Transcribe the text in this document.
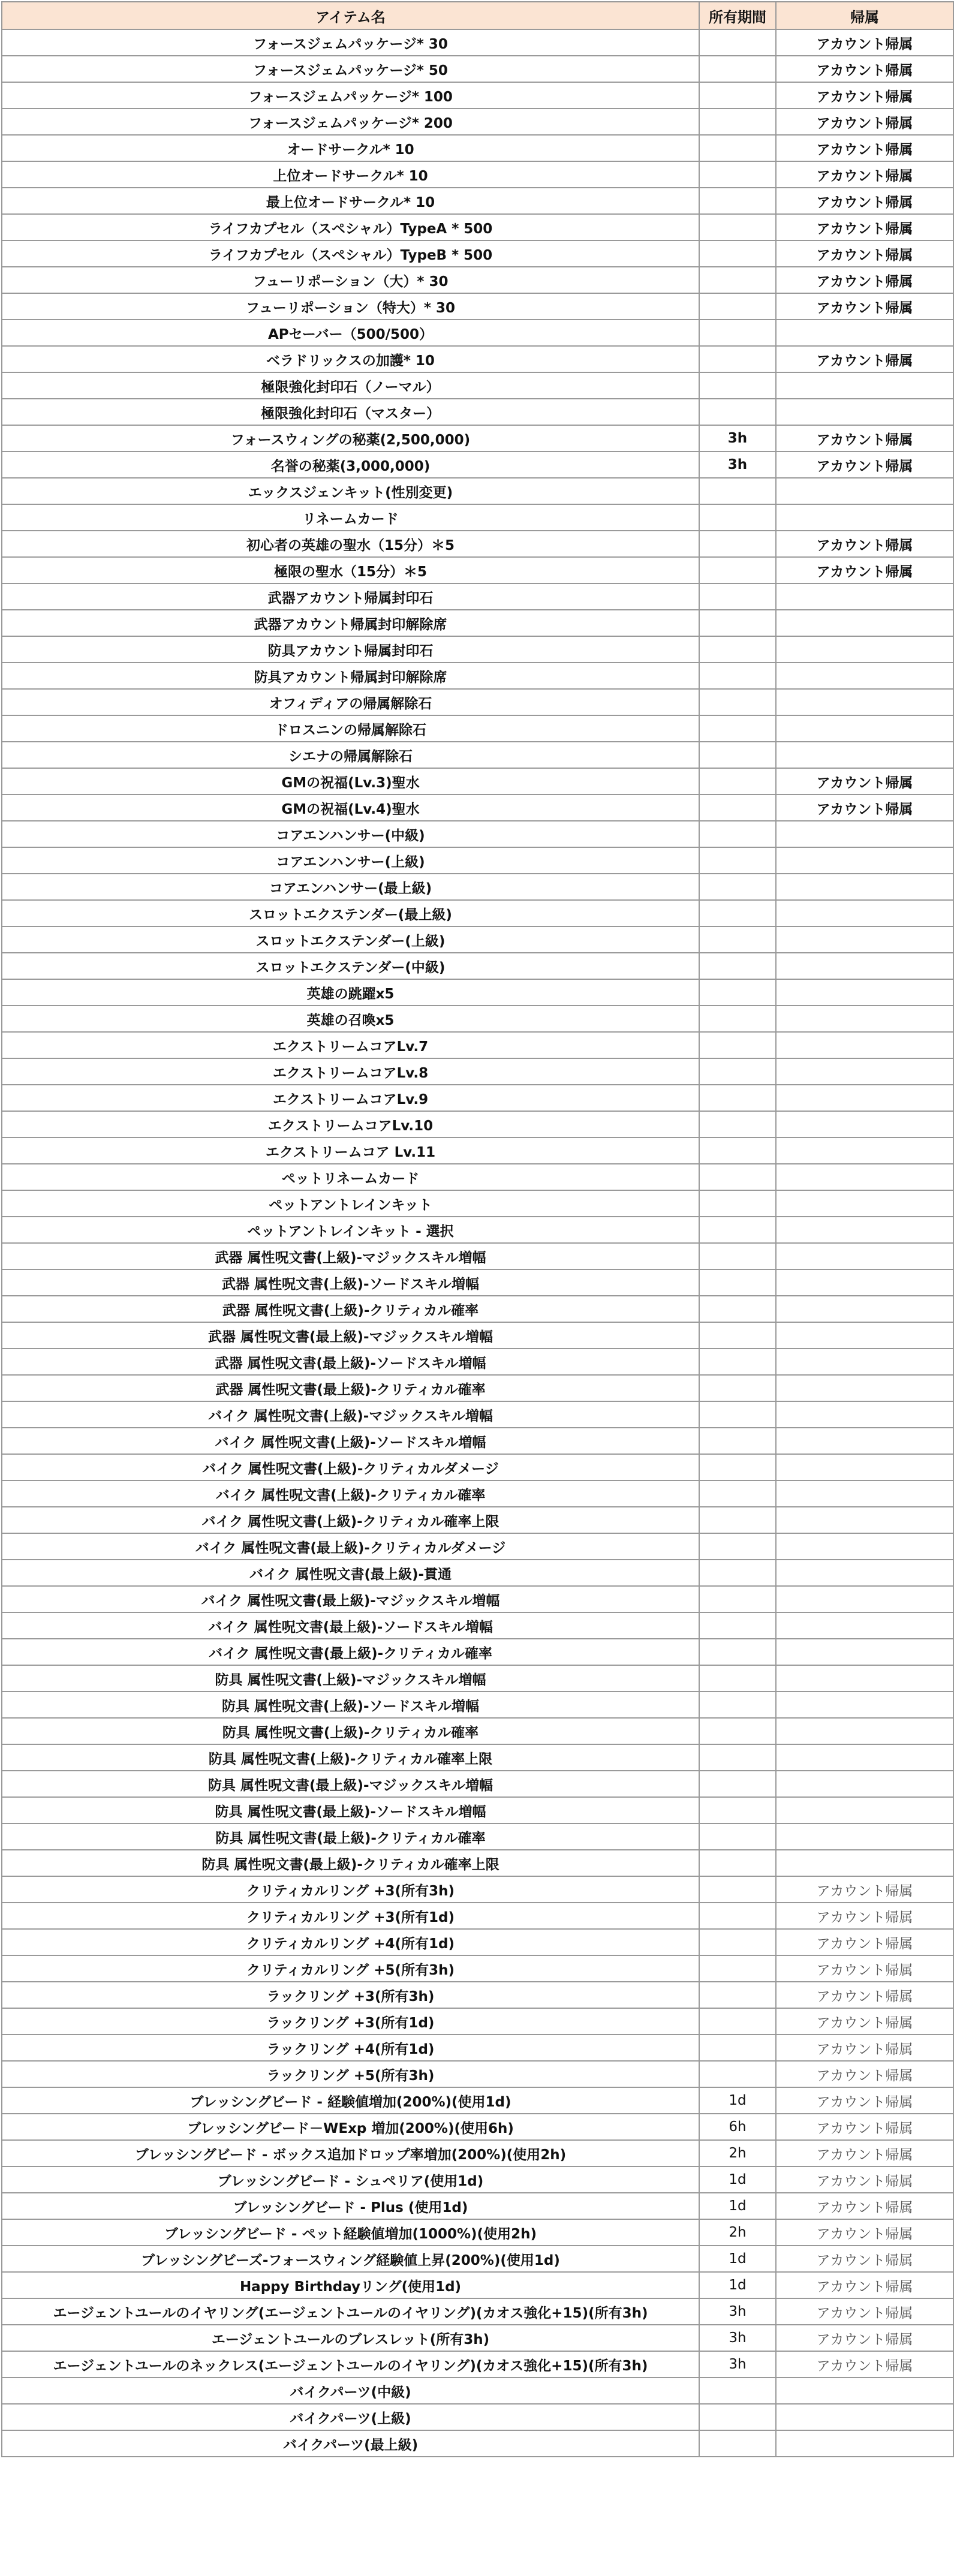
アイテム名	所有期間	帰属
フォースジェムパッケージ* 30		アカウント帰属
フォースジェムパッケージ* 50		アカウント帰属
フォースジェムパッケージ* 100		アカウント帰属
フォースジェムパッケージ* 200		アカウント帰属
オードサークル* 10		アカウント帰属
上位オードサークル* 10		アカウント帰属
最上位オードサークル* 10		アカウント帰属
ライフカプセル（スペシャル）TypeA * 500		アカウント帰属
ライフカプセル（スペシャル）TypeB * 500		アカウント帰属
フューリポーション（大）* 30		アカウント帰属
フューリポーション（特大）* 30		アカウント帰属
APセーバー（500/500）		
ベラドリックスの加護* 10		アカウント帰属
極限強化封印石（ノーマル）		
極限強化封印石（マスター）		
フォースウィングの秘薬(2,500,000)	3h	アカウント帰属
名誉の秘薬(3,000,000)	3h	アカウント帰属
エックスジェンキット(性別変更)		
リネームカード		
初心者の英雄の聖水（15分）＊5		アカウント帰属
極限の聖水（15分）＊5		アカウント帰属
武器アカウント帰属封印石		
武器アカウント帰属封印解除席		
防具アカウント帰属封印石		
防具アカウント帰属封印解除席		
オフィディアの帰属解除石		
ドロスニンの帰属解除石		
シエナの帰属解除石		
GMの祝福(Lv.3)聖水		アカウント帰属
GMの祝福(Lv.4)聖水		アカウント帰属
コアエンハンサー(中級)		
コアエンハンサー(上級)		
コアエンハンサー(最上級)		
スロットエクステンダー(最上級)		
スロットエクステンダー(上級)		
スロットエクステンダー(中級)		
英雄の跳躍x5		
英雄の召喚x5		
エクストリームコアLv.7		
エクストリームコアLv.8		
エクストリームコアLv.9		
エクストリームコアLv.10		
エクストリームコア Lv.11		
ペットリネームカード		
ペットアントレインキット		
ペットアントレインキット - 選択		
武器 属性呪文書(上級)-マジックスキル増幅		
武器 属性呪文書(上級)-ソードスキル増幅		
武器 属性呪文書(上級)-クリティカル確率		
武器 属性呪文書(最上級)-マジックスキル増幅		
武器 属性呪文書(最上級)-ソードスキル増幅		
武器 属性呪文書(最上級)-クリティカル確率		
バイク 属性呪文書(上級)-マジックスキル増幅		
バイク 属性呪文書(上級)-ソードスキル増幅		
バイク 属性呪文書(上級)-クリティカルダメージ		
バイク 属性呪文書(上級)-クリティカル確率		
バイク 属性呪文書(上級)-クリティカル確率上限		
バイク 属性呪文書(最上級)-クリティカルダメージ		
バイク 属性呪文書(最上級)-貫通		
バイク 属性呪文書(最上級)-マジックスキル増幅		
バイク 属性呪文書(最上級)-ソードスキル増幅		
バイク 属性呪文書(最上級)-クリティカル確率		
防具 属性呪文書(上級)-マジックスキル増幅		
防具 属性呪文書(上級)-ソードスキル増幅		
防具 属性呪文書(上級)-クリティカル確率		
防具 属性呪文書(上級)-クリティカル確率上限		
防具 属性呪文書(最上級)-マジックスキル増幅		
防具 属性呪文書(最上級)-ソードスキル増幅		
防具 属性呪文書(最上級)-クリティカル確率		
防具 属性呪文書(最上級)-クリティカル確率上限		
クリティカルリング +3(所有3h)		アカウント帰属
クリティカルリング +3(所有1d)		アカウント帰属
クリティカルリング +4(所有1d)		アカウント帰属
クリティカルリング +5(所有3h)		アカウント帰属
ラックリング +3(所有3h)		アカウント帰属
ラックリング +3(所有1d)		アカウント帰属
ラックリング +4(所有1d)		アカウント帰属
ラックリング +5(所有3h)		アカウント帰属
ブレッシングビード - 経験値増加(200%)(使用1d)	1d	アカウント帰属
ブレッシングビード－WExp 増加(200%)(使用6h)	6h	アカウント帰属
ブレッシングビード - ボックス追加ドロップ率増加(200%)(使用2h)	2h	アカウント帰属
ブレッシングビード - シュペリア(使用1d)	1d	アカウント帰属
ブレッシングビード - Plus (使用1d)	1d	アカウント帰属
ブレッシングビード - ペット経験値増加(1000%)(使用2h)	2h	アカウント帰属
ブレッシングビーズ-フォースウィング経験値上昇(200%)(使用1d)	1d	アカウント帰属
Happy Birthdayリング(使用1d)	1d	アカウント帰属
エージェントユールのイヤリング(エージェントユールのイヤリング)(カオス強化+15)(所有3h)	3h	アカウント帰属
エージェントユールのブレスレット(所有3h)	3h	アカウント帰属
エージェントユールのネックレス(エージェントユールのイヤリング)(カオス強化+15)(所有3h)	3h	アカウント帰属
バイクパーツ(中級)		
バイクパーツ(上級)		
バイクパーツ(最上級)		
